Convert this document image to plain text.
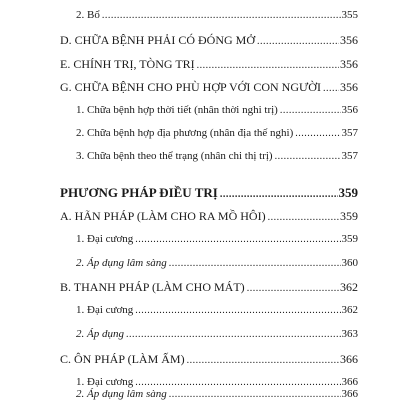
2. Bổ .....	355
D. CHỮA BỆNH PHẢI CÓ ĐÓNG MỞ .....	356
E. CHÍNH TRỊ, TÒNG TRỊ .....	356
G. CHỮA BỆNH CHO PHÙ HỢP VỚI CON NGƯỜI ..... 356
1. Chữa bệnh hợp thời tiết (nhân thời nghi trị) .....	356
2. Chữa bệnh hợp địa phương (nhân địa thế nghi) .....	357
3. Chữa bệnh theo thể trạng (nhân chi thị trị) .....	357
PHƯƠNG PHÁP ĐIỀU TRỊ .....	359
A. HÃN PHÁP (LÀM CHO RA MỒ HÔI) .....	359
1. Đại cương .....	359
2. Áp dụng lâm sàng .....	360
B. THANH PHÁP (LÀM CHO MÁT) .....	362
1. Đại cương .....	362
2. Áp dụng .....	363
C. ÔN PHÁP (LÀM ẤM) .....	366
1. Đại cương .....	366
2. Áp dụng lâm sàng .....	366
